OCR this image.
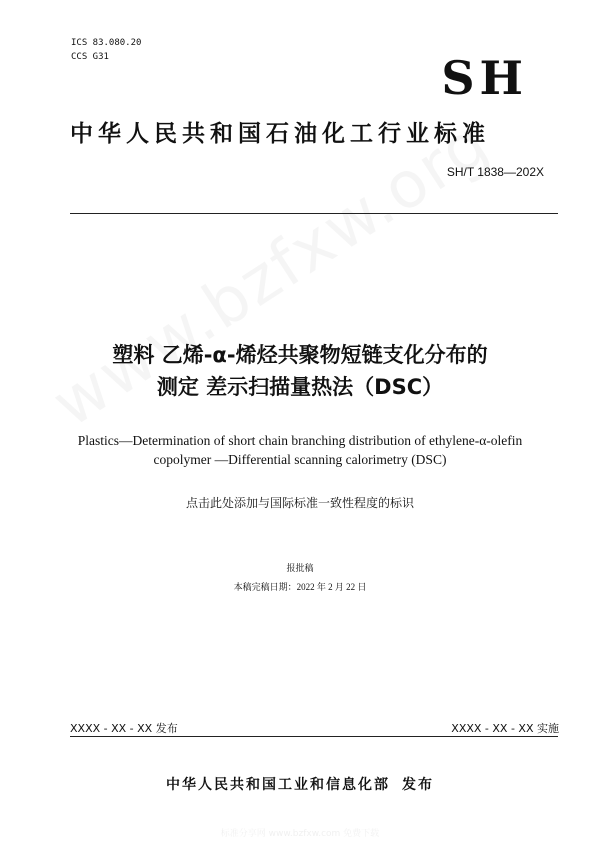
ICS 83.080.20
CCS G31	SH
中华人民共和国石油化工行业标准
SH/T 1838—202X
塑料 乙烯-α-烯烃共聚物短链支化分布的
测定 差示扫描量热法（DSC）
Plastics—Determination of short chain branching distribution of ethylene-α-olefin
copolymer —Differential scanning calorimetry (DSC)
点击此处添加与国际标准一致性程度的标识
报批稿
本稿完稿日期：2022 年 2 月 22 日
XXXX - XX - XX 发布	XXXX - XX - XX 实施
中华人民共和国工业和信息化部 发布
标准分享网 www.bzfxw.com 免费下载
